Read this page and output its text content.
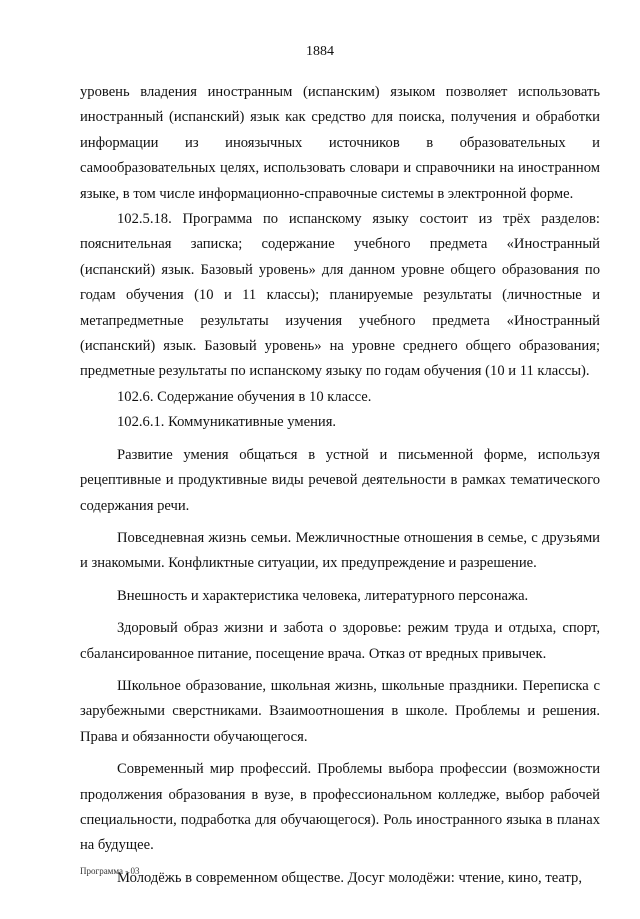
1884

уровень владения иностранным (испанским) языком позволяет использовать иностранный (испанский) язык как средство для поиска, получения и обработки информации из иноязычных источников в образовательных и самообразовательных целях, использовать словари и справочники на иностранном языке, в том числе информационно-справочные системы в электронной форме.

102.5.18. Программа по испанскому языку состоит из трёх разделов: пояснительная записка; содержание учебного предмета «Иностранный (испанский) язык. Базовый уровень» для данном уровне общего образования по годам обучения (10 и 11 классы); планируемые результаты (личностные и метапредметные результаты изучения учебного предмета «Иностранный (испанский) язык. Базовый уровень» на уровне среднего общего образования; предметные результаты по испанскому языку по годам обучения (10 и 11 классы).

102.6. Содержание обучения в 10 классе.

102.6.1. Коммуникативные умения.

Развитие умения общаться в устной и письменной форме, используя рецептивные и продуктивные виды речевой деятельности в рамках тематического содержания речи.

Повседневная жизнь семьи. Межличностные отношения в семье, с друзьями и знакомыми. Конфликтные ситуации, их предупреждение и разрешение.

Внешность и характеристика человека, литературного персонажа.

Здоровый образ жизни и забота о здоровье: режим труда и отдыха, спорт, сбалансированное питание, посещение врача. Отказ от вредных привычек.

Школьное образование, школьная жизнь, школьные праздники. Переписка с зарубежными сверстниками. Взаимоотношения в школе. Проблемы и решения. Права и обязанности обучающегося.

Современный мир профессий. Проблемы выбора профессии (возможности продолжения образования в вузе, в профессиональном колледже, выбор рабочей специальности, подработка для обучающегося). Роль иностранного языка в планах на будущее.

Молодёжь в современном обществе. Досуг молодёжи: чтение, кино, театр,

Программа - 03
